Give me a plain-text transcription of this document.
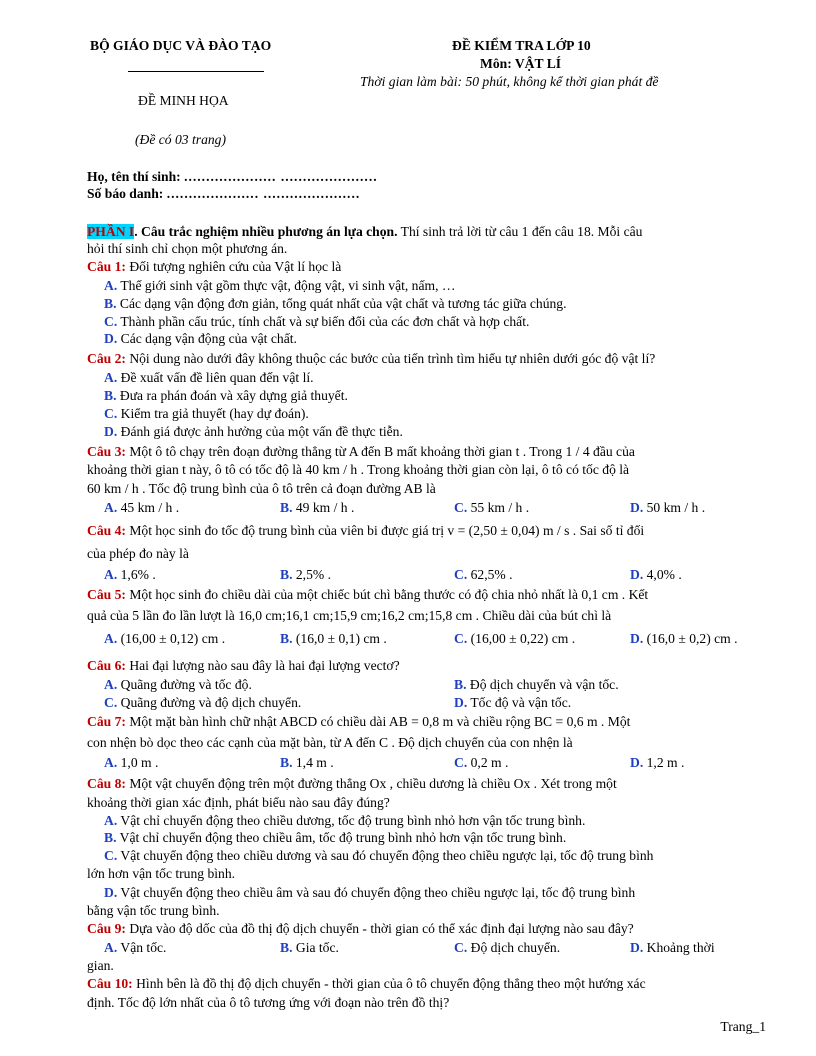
BỘ GIÁO DỤC VÀ ĐÀO TẠO
ĐỀ MINH HỌA
(Đề có 03 trang)
ĐỀ KIỂM TRA LỚP 10
Môn: VẬT LÍ
Thời gian làm bài: 50 phút, không kể thời gian phát đề
Họ, tên thí sinh: ..................... ......................
Số báo danh: ..................... ......................
PHẦN I. Câu trắc nghiệm nhiều phương án lựa chọn. Thí sinh trả lời từ câu 1 đến câu 18. Mỗi câu
hỏi thí sinh chỉ chọn một phương án.
Câu 1: Đối tượng nghiên cứu của Vật lí học là
A. Thế giới sinh vật gồm thực vật, động vật, vi sinh vật, nấm, …
B. Các dạng vận động đơn giản, tổng quát nhất của vật chất và tương tác giữa chúng.
C. Thành phần cấu trúc, tính chất và sự biến đổi của các đơn chất và hợp chất.
D. Các dạng vận động của vật chất.
Câu 2: Nội dung nào dưới đây không thuộc các bước của tiến trình tìm hiểu tự nhiên dưới góc độ vật lí?
A. Đề xuất vấn đề liên quan đến vật lí.
B. Đưa ra phán đoán và xây dựng giả thuyết.
C. Kiểm tra giả thuyết (hay dự đoán).
D. Đánh giá được ảnh hưởng của một vấn đề thực tiễn.
Câu 3: Một ô tô chạy trên đoạn đường thẳng từ A đến B mất khoảng thời gian t . Trong 1 / 4 đầu của
khoảng thời gian t này, ô tô có tốc độ là 40 km / h . Trong khoảng thời gian còn lại, ô tô có tốc độ là
60 km / h . Tốc độ trung bình của ô tô trên cả đoạn đường AB là
A. 45 km / h .	B. 49 km / h .	C. 55 km / h .	D. 50 km / h .
Câu 4: Một học sinh đo tốc độ trung bình của viên bi được giá trị v = (2,50 ± 0,04) m / s . Sai số tỉ đối
của phép đo này là
A. 1,6% .	B. 2,5% .	C. 62,5% .	D. 4,0% .
Câu 5: Một học sinh đo chiều dài của một chiếc bút chì bằng thước có độ chia nhỏ nhất là 0,1 cm . Kết
quả của 5 lần đo lần lượt là 16,0 cm;16,1 cm;15,9 cm;16,2 cm;15,8 cm . Chiều dài của bút chì là
A. (16,00 ± 0,12) cm .	B. (16,0 ± 0,1) cm .	C. (16,00 ± 0,22) cm .	D. (16,0 ± 0,2) cm .
Câu 6: Hai đại lượng nào sau đây là hai đại lượng vectơ?
A. Quãng đường và tốc độ.	B. Độ dịch chuyển và vận tốc.
C. Quãng đường và độ dịch chuyển.	D. Tốc độ và vận tốc.
Câu 7: Một mặt bàn hình chữ nhật ABCD có chiều dài AB = 0,8 m và chiều rộng BC = 0,6 m . Một
con nhện bò dọc theo các cạnh của mặt bàn, từ A đến C . Độ dịch chuyển của con nhện là
A. 1,0 m .	B. 1,4 m .	C. 0,2 m .	D. 1,2 m .
Câu 8: Một vật chuyển động trên một đường thẳng Ox , chiều dương là chiều Ox . Xét trong một
khoảng thời gian xác định, phát biểu nào sau đây đúng?
A. Vật chỉ chuyển động theo chiều dương, tốc độ trung bình nhỏ hơn vận tốc trung bình.
B. Vật chỉ chuyển động theo chiều âm, tốc độ trung bình nhỏ hơn vận tốc trung bình.
C. Vật chuyển động theo chiều dương và sau đó chuyển động theo chiều ngược lại, tốc độ trung bình
lớn hơn vận tốc trung bình.
D. Vật chuyển động theo chiều âm và sau đó chuyển động theo chiều ngược lại, tốc độ trung bình
bằng vận tốc trung bình.
Câu 9: Dựa vào độ dốc của đồ thị độ dịch chuyển - thời gian có thể xác định đại lượng nào sau đây?
A. Vận tốc.	B. Gia tốc.	C. Độ dịch chuyển.	D. Khoảng thời
gian.
Câu 10: Hình bên là đồ thị độ dịch chuyển - thời gian của ô tô chuyển động thẳng theo một hướng xác
định. Tốc độ lớn nhất của ô tô tương ứng với đoạn nào trên đồ thị?
Trang_1
